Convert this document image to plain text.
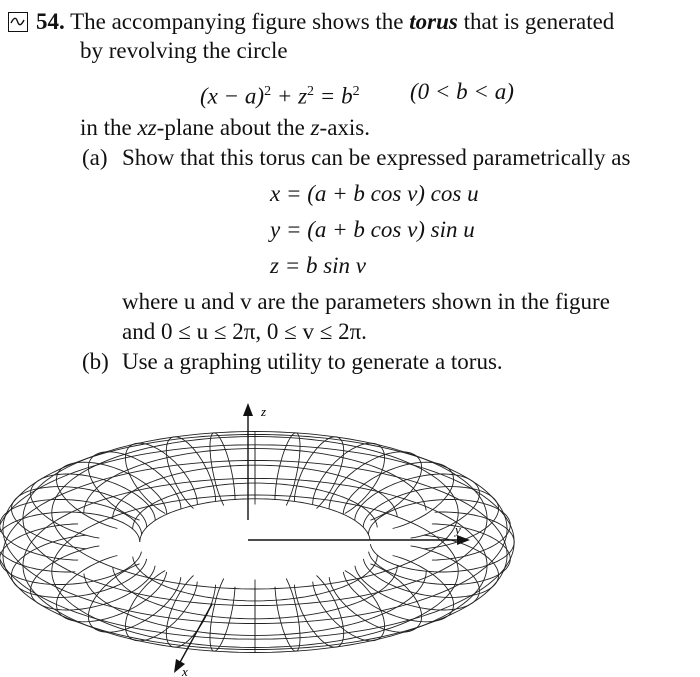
54. The accompanying figure shows the torus that is generated
by revolving the circle
$(x - a)^2 + z^2 = b^2$ (0 < b < a)
in the xz-plane about the z-axis.
(a) Show that this torus can be expressed parametrically as
x = (a + b cos v) cos u
y = (a + b cos v) sin u
z = b sin v
where u and v are the parameters shown in the figure
and 0 ≤ u ≤ 2π, 0 ≤ v ≤ 2π.
(b) Use a graphing utility to generate a torus.
z
y
x
